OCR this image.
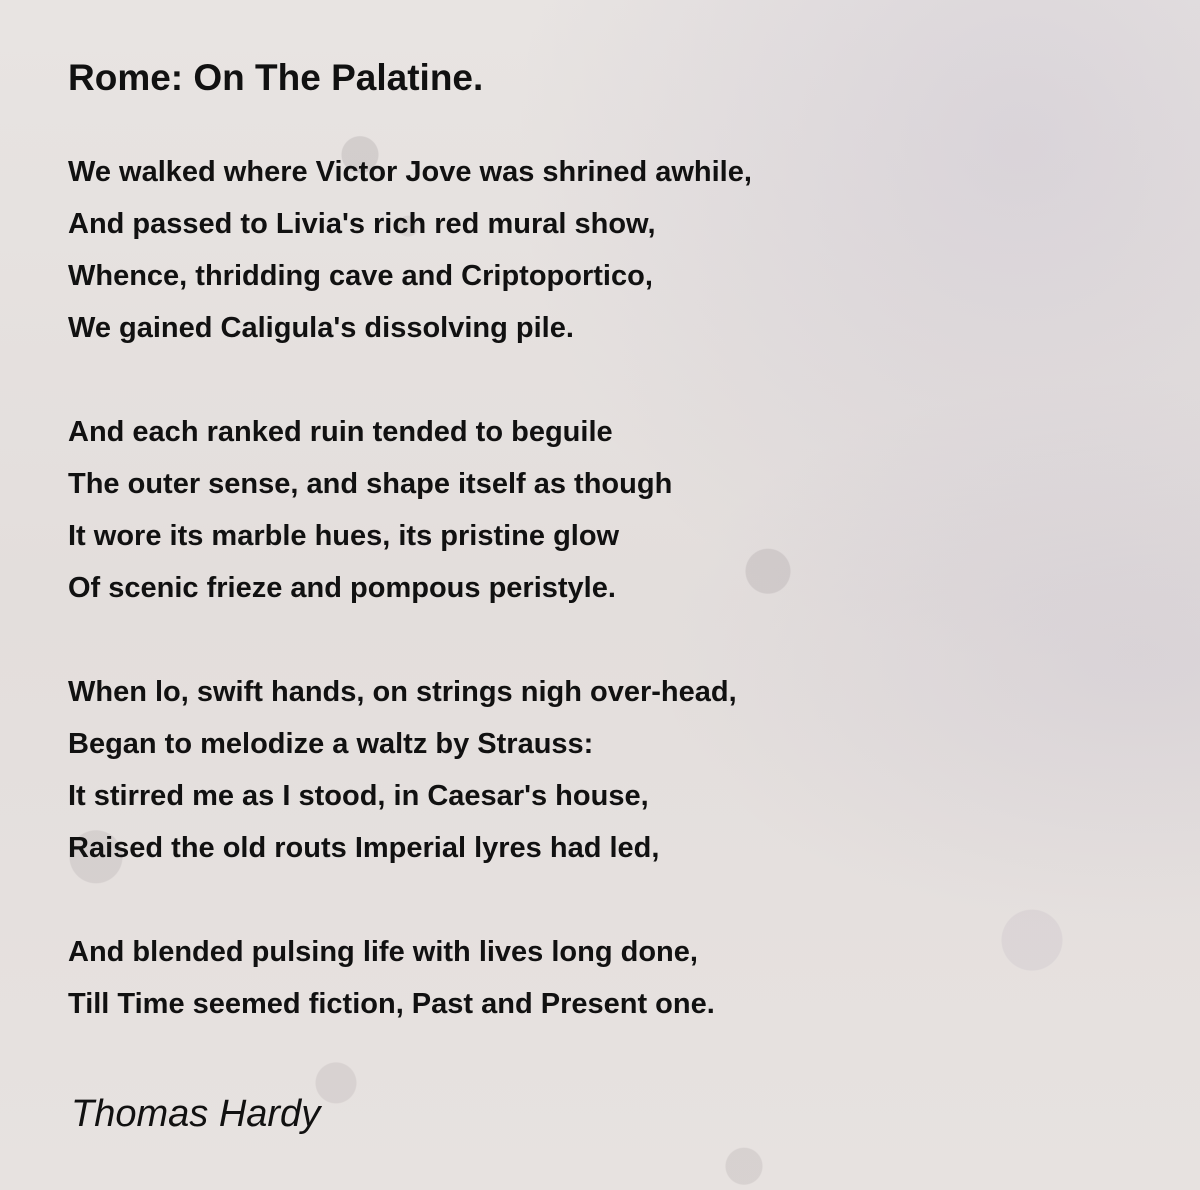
Rome: On The Palatine.
We walked where Victor Jove was shrined awhile,
And passed to Livia's rich red mural show,
Whence, thridding cave and Criptoportico,
We gained Caligula's dissolving pile.
And each ranked ruin tended to beguile
The outer sense, and shape itself as though
It wore its marble hues, its pristine glow
Of scenic frieze and pompous peristyle.
When lo, swift hands, on strings nigh over-head,
Began to melodize a waltz by Strauss:
It stirred me as I stood, in Caesar's house,
Raised the old routs Imperial lyres had led,
And blended pulsing life with lives long done,
Till Time seemed fiction, Past and Present one.
Thomas Hardy
